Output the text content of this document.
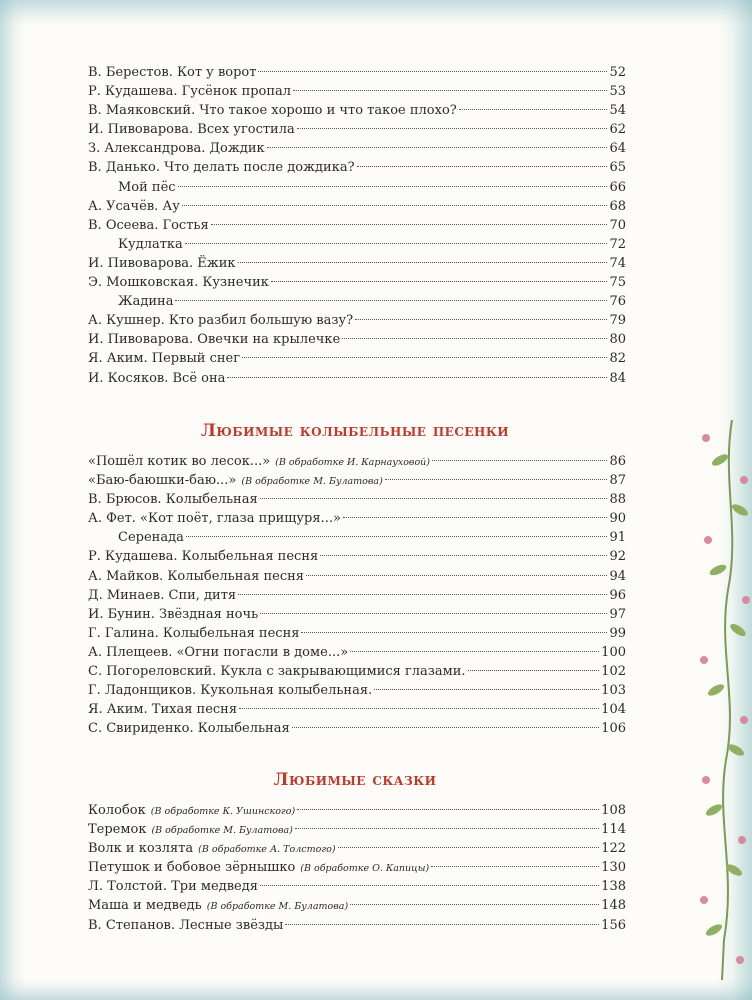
В. Берестов. Кот у ворот	52
Р. Кудашева. Гусёнок пропал	53
В. Маяковский. Что такое хорошо и что такое плохо?	54
И. Пивоварова. Всех угостила	62
З. Александрова. Дождик	64
В. Данько. Что делать после дождика?	65
Мой пёс	66
А. Усачёв. Ау	68
В. Осеева. Гостья	70
Кудлатка	72
И. Пивоварова. Ёжик	74
Э. Мошковская. Кузнечик	75
Жадина	76
А. Кушнер. Кто разбил большую вазу?	79
И. Пивоварова. Овечки на крылечке	80
Я. Аким. Первый снег	82
И. Косяков. Всё она	84
Любимые колыбельные песенки
«Пошёл котик во лесок...» (В обработке И. Карнауховой)	86
«Баю-баюшки-баю...» (В обработке М. Булатова)	87
В. Брюсов. Колыбельная	88
А. Фет. «Кот поёт, глаза прищуря...»	90
Серенада	91
Р. Кудашева. Колыбельная песня	92
А. Майков. Колыбельная песня	94
Д. Минаев. Спи, дитя	96
И. Бунин. Звёздная ночь	97
Г. Галина. Колыбельная песня	99
А. Плещеев. «Огни погасли в доме...»	100
С. Погореловский. Кукла с закрывающимися глазами.	102
Г. Ладонщиков. Кукольная колыбельная.	103
Я. Аким. Тихая песня	104
С. Свириденко. Колыбельная	106
Любимые сказки
Колобок (В обработке К. Ушинского)	108
Теремок (В обработке М. Булатова)	114
Волк и козлята (В обработке А. Толстого)	122
Петушок и бобовое зёрнышко (В обработке О. Капицы)	130
Л. Толстой. Три медведя	138
Маша и медведь (В обработке М. Булатова)	148
В. Степанов. Лесные звёзды	156
